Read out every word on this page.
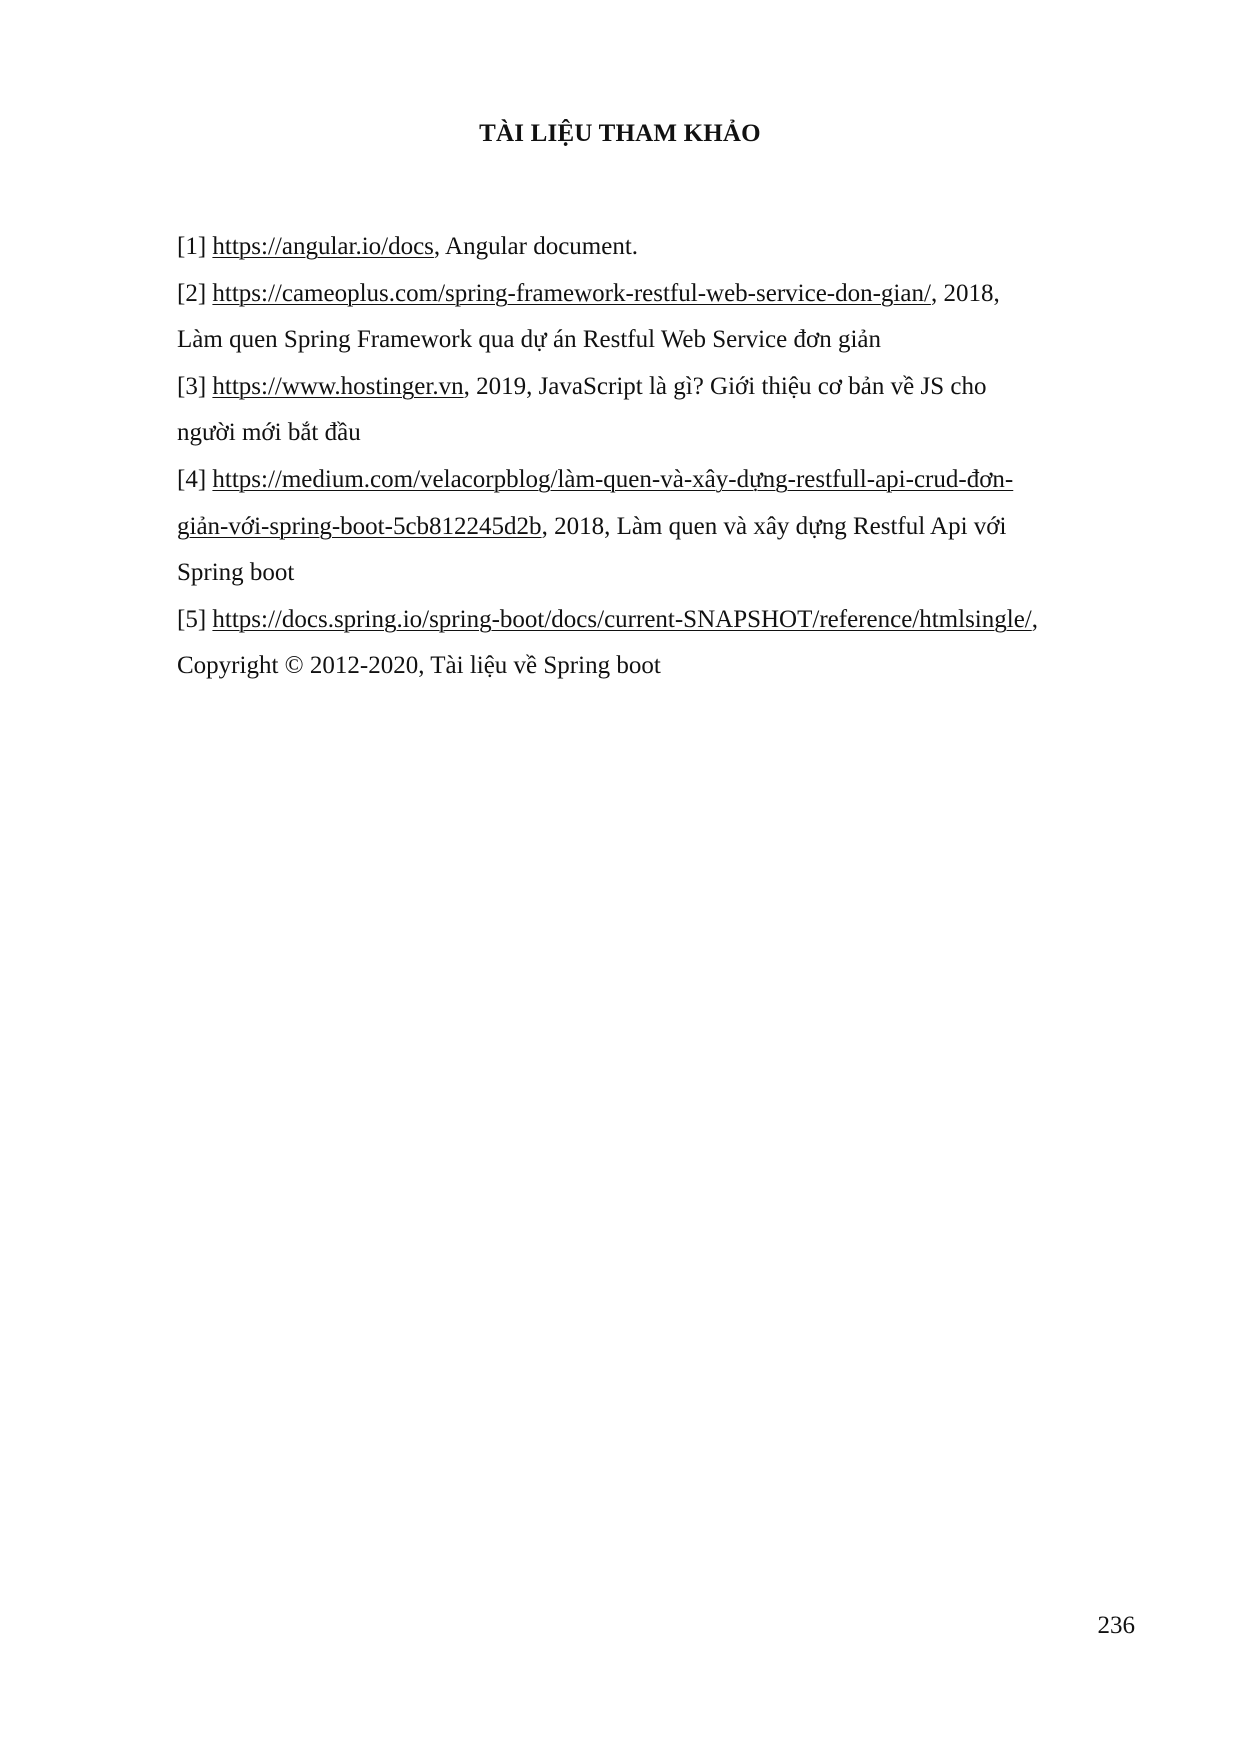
TÀI LIỆU THAM KHẢO
[1] https://angular.io/docs, Angular document.
[2] https://cameoplus.com/spring-framework-restful-web-service-don-gian/, 2018,
Làm quen Spring Framework qua dự án Restful Web Service đơn giản
[3] https://www.hostinger.vn, 2019, JavaScript là gì? Giới thiệu cơ bản về JS cho
người mới bắt đầu
[4] https://medium.com/velacorpblog/làm-quen-và-xây-dựng-restfull-api-crud-đơn-
giản-với-spring-boot-5cb812245d2b, 2018, Làm quen và xây dựng Restful Api với
Spring boot
[5] https://docs.spring.io/spring-boot/docs/current-SNAPSHOT/reference/htmlsingle/,
Copyright © 2012-2020, Tài liệu về Spring boot
236
